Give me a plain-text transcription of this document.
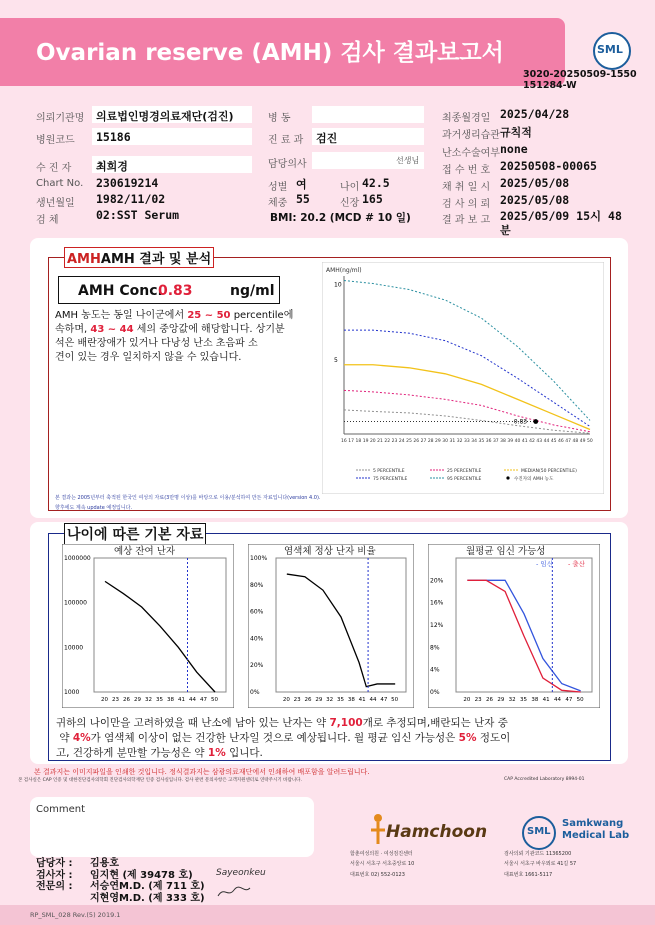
Ovarian reserve (AMH) 검사 결과보고서	SML
3020-20250509-1550
151284-W
의뢰기관명 의료법인명경의료재단(검진)
병원코드 15186
수 진 자 최희경
Chart No. 230619214
생년월일 1982/11/02
검 체	02:SST Serum
병 동
진 료 과 검진
담당의사	선생님
성별 여	나이 42.5
체중 55	신장 165
BMI: 20.2 (MCD # 10 일)
최종월경일 2025/04/28
과거생리습관 규칙적
난소수술여부 none
접 수 번 호 20250508-00065
채 취 일 시 2025/05/08
검 사 의 뢰 2025/05/08
결 과 보 고 2025/05/09 15시 48
분
AMHAMH 결과 및 분석
AMH Conc.
0.83	ng/ml
AMH 농도는 동일 나이군에서 25 ~ 50 percentile에
속하며, 43 ~ 44 세의 중앙값에 해당합니다. 상기분
석은 배란장애가 있거나 다낭성 난소 초음파 소
견이 있는 경우 일치하지 않을 수 있습니다.
AMH(ng/ml)
5
10
16 17 18 19 20 21 22 23 24 25 26 27 28 29 30 31 32 33 34 35 36 37 38 39 40 41 42 43 44 45 46 47 48 49 50
0.83
5 PERCENTILE	25 PERCENTILE	MEDIAN(50 PERCENTILE)
75 PERCENTILE	95 PERCENTILE	수진자의 AMH 농도
본 결과는 2005년부터 축적된 한국인 여성의 자료(3만명 이상)를 바탕으로 이용/분석하여 만든 자료입니다(version 4.0).
향후에도 계속 update 예정입니다.
나이에 따른 기본 자료
예상 잔여 난자
1000
10000
100000
1000000
20 23 26 29 32 35 38 41 44 47 50
염색체 정상 난자 비율
0%
20%
40%
60%
80%
100%
20 23 26 29 32 35 38 41 44 47 50
월평균 임신 가능성
0%
4%
8%
12%
16%
20%
20 23 26 29 32 35 38 41 44 47 50
- 임신 - 출산
귀하의 나이만을 고려하였을 때 난소에 남아 있는 난자는 약 7,100개로 추정되며,배란되는 난자 중
약 4%가 염색체 이상이 없는 건강한 난자일 것으로 예상됩니다. 월 평균 임신 가능성은 5% 정도이
고, 건강하게 분만할 가능성은 약 1% 입니다.
본 결과지는 이미지파일을 인쇄한 것입니다. 정식결과지는 삼광의료재단에서 인쇄하여 배포함을 알려드립니다.
본 검사실은 CAP 인증 및 대한진단검사의학회 진단검사의학재단 인증 검사실입니다. 검사 관련 문의사항은 고객지원센터로 연락주시기 바랍니다.	CAP Accredited Laboratory 8994-01
Comment
담당자 : 김용호
검사자 : 임지현 (제 39478 호)
전문의 : 서승연M.D. (제 711 호)
지현영M.D. (제 333 호)
Sayeonkeu
Hamchoon
함춘여성의원 · 여성검진센터
서울시 서초구 서초중앙로 10
대표번호 02) 552-0123
SML
Samkwang
Medical Lab
검사의뢰 기관코드 11365200
서울시 서초구 바우뫼로 41길 57
대표번호 1661-5117
RP_SML_028 Rev.(5) 2019.1
